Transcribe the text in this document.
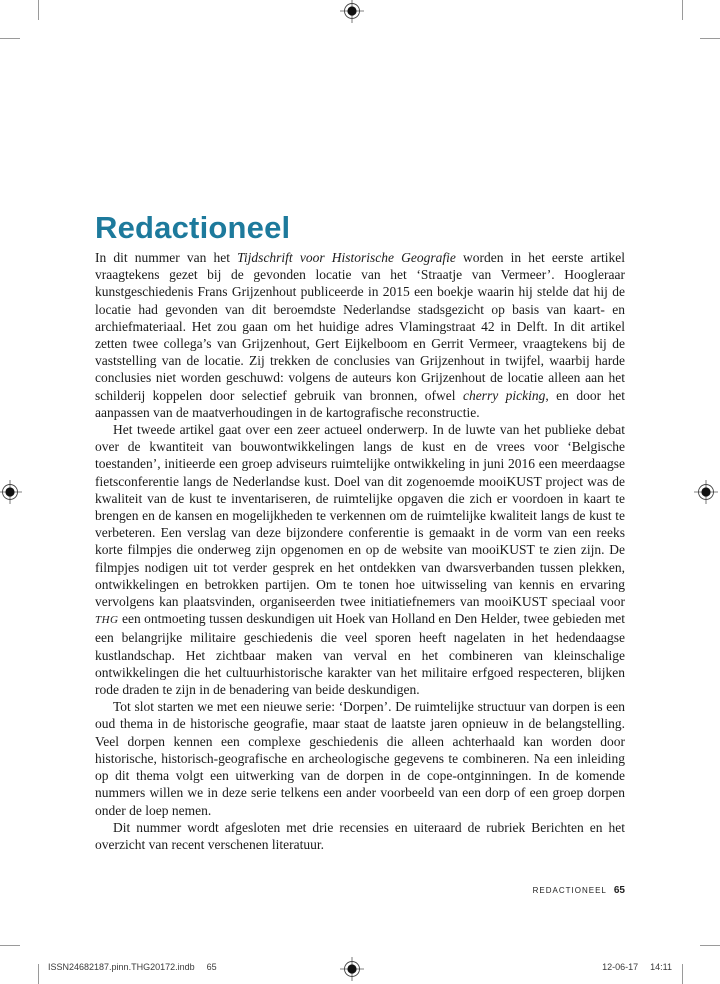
Redactioneel

In dit nummer van het Tijdschrift voor Historische Geografie worden in het eerste artikel vraagtekens gezet bij de gevonden locatie van het ‘Straatje van Vermeer’. Hoogleraar kunstgeschiedenis Frans Grijzenhout publiceerde in 2015 een boekje waarin hij stelde dat hij de locatie had gevonden van dit beroemdste Nederlandse stadsgezicht op basis van kaart- en archiefmateriaal. Het zou gaan om het huidige adres Vlamingstraat 42 in Delft. In dit artikel zetten twee collega’s van Grijzenhout, Gert Eijkelboom en Gerrit Vermeer, vraagtekens bij de vaststelling van de locatie. Zij trekken de conclusies van Grijzenhout in twijfel, waarbij harde conclusies niet worden geschuwd: volgens de auteurs kon Grijzenhout de locatie alleen aan het schilderij koppelen door selectief gebruik van bronnen, ofwel cherry picking, en door het aanpassen van de maatverhoudingen in de kartografische reconstructie.

Het tweede artikel gaat over een zeer actueel onderwerp. In de luwte van het publieke debat over de kwantiteit van bouwontwikkelingen langs de kust en de vrees voor ‘Belgische toestanden’, initieerde een groep adviseurs ruimtelijke ontwikkeling in juni 2016 een meerdaagse fietsconferentie langs de Nederlandse kust. Doel van dit zogenoemde mooiKUST project was de kwaliteit van de kust te inventariseren, de ruimtelijke opgaven die zich er voordoen in kaart te brengen en de kansen en mogelijkheden te verkennen om de ruimtelijke kwaliteit langs de kust te verbeteren. Een verslag van deze bijzondere conferentie is gemaakt in de vorm van een reeks korte filmpjes die onderweg zijn opgenomen en op de website van mooiKUST te zien zijn. De filmpjes nodigen uit tot verder gesprek en het ontdekken van dwarsverbanden tussen plekken, ontwikkelingen en betrokken partijen. Om te tonen hoe uitwisseling van kennis en ervaring vervolgens kan plaatsvinden, organiseerden twee initiatiefnemers van mooiKUST speciaal voor THG een ontmoeting tussen deskundigen uit Hoek van Holland en Den Helder, twee gebieden met een belangrijke militaire geschiedenis die veel sporen heeft nagelaten in het hedendaagse kustlandschap. Het zichtbaar maken van verval en het combineren van kleinschalige ontwikkelingen die het cultuurhistorische karakter van het militaire erfgoed respecteren, blijken rode draden te zijn in de benadering van beide deskundigen.

Tot slot starten we met een nieuwe serie: ‘Dorpen’. De ruimtelijke structuur van dorpen is een oud thema in de historische geografie, maar staat de laatste jaren opnieuw in de belangstelling. Veel dorpen kennen een complexe geschiedenis die alleen achterhaald kan worden door historische, historisch-geografische en archeologische gegevens te combineren. Na een inleiding op dit thema volgt een uitwerking van de dorpen in de cope-ontginningen. In de komende nummers willen we in deze serie telkens een ander voorbeeld van een dorp of een groep dorpen onder de loep nemen.

Dit nummer wordt afgesloten met drie recensies en uiteraard de rubriek Berichten en het overzicht van recent verschenen literatuur.

REDACTIONEEL 65
ISSN24682187.pinn.THG20172.indb 65	12-06-17 14:11
